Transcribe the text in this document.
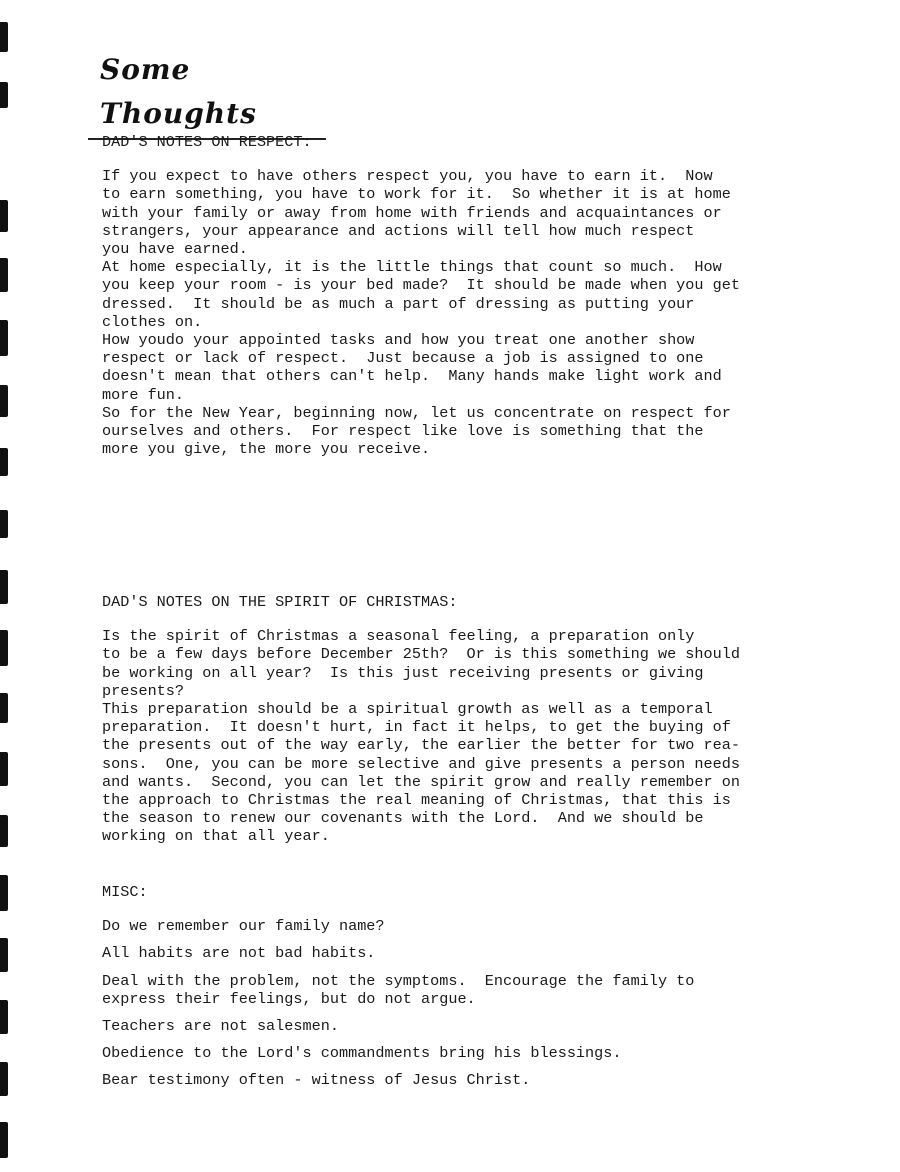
Some Thoughts
DAD'S NOTES ON RESPECT:

If you expect to have others respect you, you have to earn it.  Now
to earn something, you have to work for it.  So whether it is at home
with your family or away from home with friends and acquaintances or
strangers, your appearance and actions will tell how much respect
you have earned.

At home especially, it is the little things that count so much.  How
you keep your room - is your bed made?  It should be made when you get
dressed.  It should be as much a part of dressing as putting your
clothes on.

How youdo your appointed tasks and how you treat one another show
respect or lack of respect.  Just because a job is assigned to one
doesn't mean that others can't help.  Many hands make light work and
more fun.

So for the New Year, beginning now, let us concentrate on respect for
ourselves and others.  For respect like love is something that the
more you give, the more you receive.

DAD'S NOTES ON THE SPIRIT OF CHRISTMAS:

Is the spirit of Christmas a seasonal feeling, a preparation only
to be a few days before December 25th?  Or is this something we should
be working on all year?  Is this just receiving presents or giving
presents?

This preparation should be a spiritual growth as well as a temporal
preparation.  It doesn't hurt, in fact it helps, to get the buying of
the presents out of the way early, the earlier the better for two rea-
sons.  One, you can be more selective and give presents a person needs
and wants.  Second, you can let the spirit grow and really remember on
the approach to Christmas the real meaning of Christmas, that this is
the season to renew our covenants with the Lord.  And we should be
working on that all year.

MISC:

Do we remember our family name?

All habits are not bad habits.

Deal with the problem, not the symptoms.  Encourage the family to
express their feelings, but do not argue.

Teachers are not salesmen.

Obedience to the Lord's commandments bring his blessings.

Bear testimony often - witness of Jesus Christ.
